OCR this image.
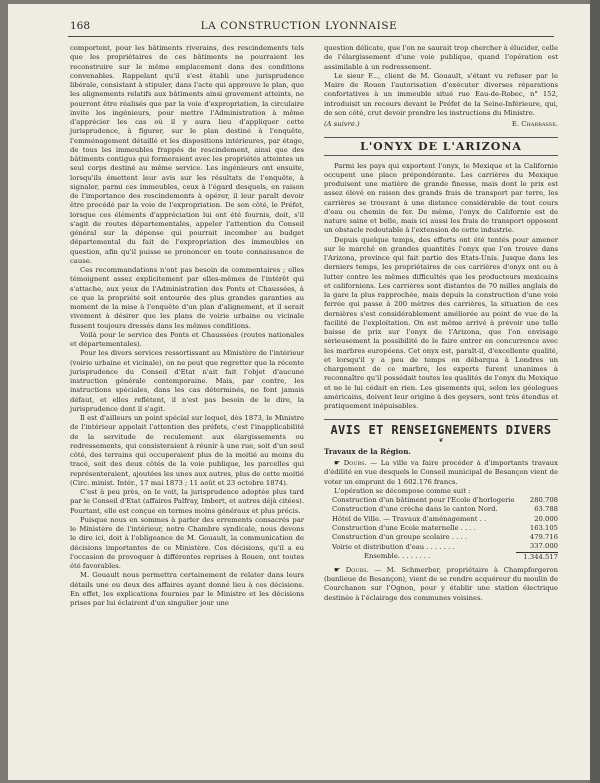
168	LA CONSTRUCTION LYONNAISE

comportent, pour les bâtiments riverains, des rescindements tels que les propriétaires de ces bâtiments ne pourraient les reconstruire sur le même emplacement dans des conditions convenables. Rappelant qu'il s'est établi une jurisprudence libérale, consistant à stipuler, dans l'acte qui approuve le plan, que les alignements relatifs aux bâtiments ainsi gravement atteints, ne pourront être réalisés que par la voie d'expropriation, la circulaire invite les ingénieurs, pour mettre l'Administration à même d'apprécier les cas où il y aura lieu d'appliquer cette jurisprudence, à figurer, sur le plan destiné à l'enquête, l'emménagement détaillé et les dispositions intérieures, par étage, de tous les immeubles frappés de rescindement, ainsi que des bâtiments contigus qui formeraient avec les propriétés atteintes un seul corps destiné au même service. Les ingénieurs ont ensuite, lorsqu'ils émettent leur avis sur les résultats de l'enquête, à signaler, parmi ces immeubles, ceux à l'égard desquels, en raison de l'importance des rescindements à opérer, il leur paraît devoir être procédé par la voie de l'expropriation. De son côté, le Préfet, lorsque ces éléments d'appréciation lui ont été fournis, doit, s'il s'agit de routes départementales, appeler l'attention du Conseil général sur la dépense qui pourrait incomber au budget départemental du fait de l'expropriation des immeubles en question, afin qu'il puisse se prononcer en toute connaissance de cause.

Ces recommandations n'ont pas besoin de commentaires ; elles témoignent assez explicitement par elles-mêmes de l'intérêt qui s'attache, aux yeux de l'Administration des Ponts et Chaussées, à ce que la propriété soit entourée des plus grandes garanties au moment de la mise à l'enquête d'un plan d'alignement, et il serait vivement à désirer que les plans de voirie urbaine ou vicinale fussent toujours dressés dans les mêmes conditions.

Voilà pour le service des Ponts et Chaussées (routes nationales et départementales).

Pour les divers services ressortissant au Ministère de l'intérieur (voirie urbaine et vicinale), on ne peut que regretter que la récente jurisprudence du Conseil d'Etat n'ait fait l'objet d'aucune instruction générale contemporaine. Mais, par contre, les instructions spéciales, dans les cas déterminés, ne font jamais défaut, et elles reflètent, il n'est pas besoin de le dire, la jurisprudence dont il s'agit.

Il est d'ailleurs un point spécial sur lequel, dès 1873, le Ministre de l'intérieur appelait l'attention des préfets, c'est l'inapplicabilité de la servitude de reculement aux élargissements ou redressements, qui consisteraient à réunir à une rue, soit d'un seul côté, des terrains qui occuperaient plus de la moitié au moins du tracé, soit des deux côtés de la voie publique, les parcelles qui représenteraient, ajoutées les unes aux autres, plus de cette moitié (Circ. minist. Intér., 17 mai 1873 ; 11 août et 23 octobre 1874).

C'est à peu près, on le voit, la jurisprudence adoptée plus tard par le Conseil d'Etat (affaires Palfray, Imbert, et autres déjà citées). Pourtant, elle est conçue en termes moins généraux et plus précis.

Puisque nous en sommes à parler des errements consacrés par le Ministère de l'intérieur, notre Chambre syndicale, nous devons le dire ici, doit à l'obligeance de M. Gouault, la communication de décisions importantes de ce Ministère. Ces décisions, qu'il a eu l'occasion de provoquer à différentes reprises à Rouen, ont toutes été favorables.

M. Gouault nous permettra certainement de relater dans leurs détails une ou deux des affaires ayant donné lieu à ces décisions. En effet, les explications fournies par le Ministre et les décisions prises par lui éclairent d'un singulier jour une

question délicate, que l'on ne saurait trop chercher à élucider, celle de l'élargissement d'une voie publique, quand l'opération est assimilable à un redressement.

Le sieur F..., client de M. Gouault, s'étant vu refuser par le Maire de Rouen l'autorisation d'exécuter diverses réparations confortatives à un immeuble situé rue Eau-de-Robec, n° 152, introduisit un recours devant le Préfet de la Seine-Inférieure, qui, de son côté, crut devoir prendre les instructions du Ministre.

(A suivre.)	E. Charbasse.
L'ONYX DE L'ARIZONA

Parmi les pays qui exportent l'onyx, le Mexique et la Californie occupent une place prépondérante. Les carrières du Mexique produisent une matière de grande finesse, mais dont le prix est assez élevé en raison des grands frais de transport par terre, les carrières se trouvant à une distance considérable de tout cours d'eau ou chemin de fer. De même, l'onyx de Californie est de nature saine et belle, mais ici aussi les frais de transport opposent un obstacle redoutable à l'extension de cette industrie.

Depuis quelque temps, des efforts ont été tentés pour amener sur le marché en grandes quantités l'onyx que l'on trouve dans l'Arizona, province qui fait partie des Etats-Unis. Jusque dans les derniers temps, les propriétaires de ces carrières d'onyx ont eu à lutter contre les mêmes difficultés que les producteurs mexicains et californiens. Les carrières sont distantes de 70 milles anglais de la gare la plus rapprochée, mais depuis la construction d'une voie ferrée qui passe à 200 mètres des carrières, la situation de ces dernières s'est considérablement améliorée au point de vue de la facilité de l'exploitation. On est même arrivé à prévoir une telle baisse de prix sur l'onyx de l'Arizona, que l'on envisage sérieusement la possibilité de le faire entrer en concurrence avec les marbres européens. Cet onyx est, paraît-il, d'excellente qualité, et lorsqu'il y a peu de temps on débarqua à Londres un chargement de ce marbre, les experts furent unanimes à reconnaître qu'il possédait toutes les qualités de l'onyx du Mexique et ne le lui cédait en rien. Les gisements qui, selon les géologues américains, doivent leur origine à des geysers, sont très étendus et pratiquement inépuisables.

AVIS ET RENSEIGNEMENTS DIVERS
❦
Travaux de la Région.

☛ Doubs. — La ville va faire procéder à d'importants travaux d'édilité en vue desquels le Conseil municipal de Besançon vient de voter un emprunt de 1 602.176 francs.

L'opération se décompose comme suit :

Construction d'un bâtiment pour l'Ecole d'horlogerie	280.708
Construction d'une crèche dans le canton Nord.	63.788
Hôtel de Ville. — Travaux d'aménagement . .	20.000
Construction d'une Ecole maternelle . . . .	163.105
Construction d'un groupe scolaire . . . .	479.716
Voirie et distribution d'eau . . . . . . .	337.000
Ensemble. . . . . . . .	1.344.517

☛ Doubs. — M. Schmerber, propriétaire à Champforgeron (banlieue de Besançon), vient de se rendre acquéreur du moulin de Courchanon sur l'Ognon, pour y établir une station électrique destinée à l'éclairage des communes voisines.
